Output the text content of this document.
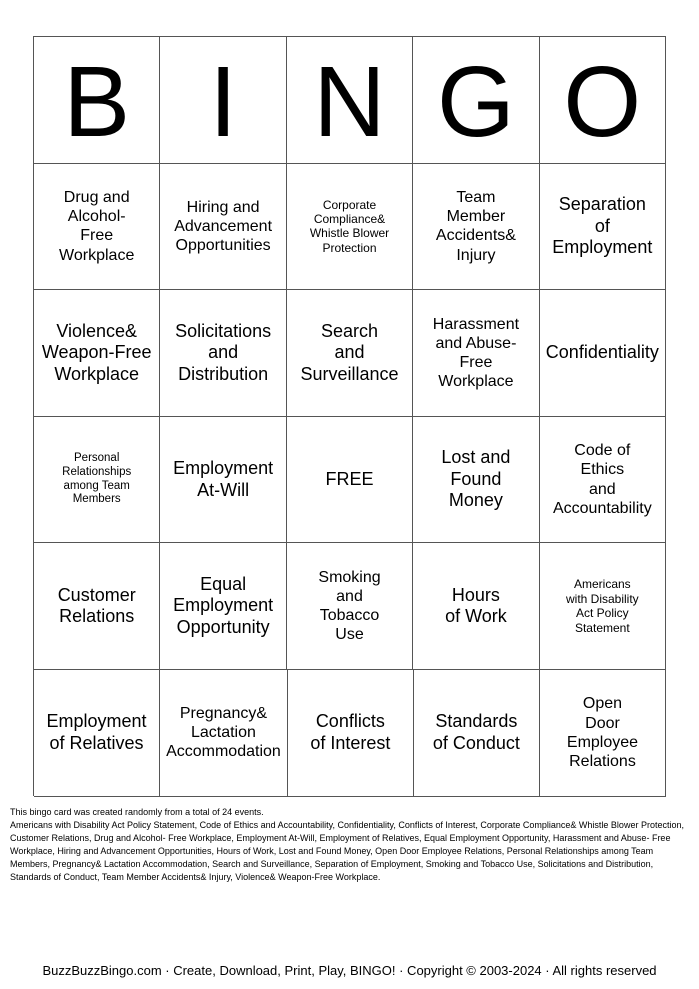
B I N G O
Drug and
Alcohol-
Free
Workplace
Hiring and
Advancement
Opportunities
Corporate
Compliance&
Whistle Blower
Protection
Team
Member
Accidents&
Injury
Separation
of
Employment
Violence&
Weapon-Free
Workplace
Solicitations
and
Distribution
Search
and
Surveillance
Harassment
and Abuse-
Free
Workplace
Confidentiality
Personal
Relationships
among Team
Members
Employment
At-Will
FREE
Lost and
Found
Money
Code of
Ethics
and
Accountability
Customer
Relations
Equal
Employment
Opportunity
Smoking
and
Tobacco
Use
Hours
of Work
Americans
with Disability
Act Policy
Statement
Employment
of Relatives
Pregnancy&
Lactation
Accommodation
Conflicts
of Interest
Standards
of Conduct
Open
Door
Employee
Relations
This bingo card was created randomly from a total of 24 events.
Americans with Disability Act Policy Statement, Code of Ethics and Accountability, Confidentiality, Conflicts of Interest, Corporate Compliance& Whistle Blower Protection, Customer Relations, Drug and Alcohol- Free Workplace, Employment At-Will, Employment of Relatives, Equal Employment Opportunity, Harassment and Abuse- Free Workplace, Hiring and Advancement Opportunities, Hours of Work, Lost and Found Money, Open Door Employee Relations, Personal Relationships among Team Members, Pregnancy& Lactation Accommodation, Search and Surveillance, Separation of Employment, Smoking and Tobacco Use, Solicitations and Distribution, Standards of Conduct, Team Member Accidents& Injury, Violence& Weapon-Free Workplace.
BuzzBuzzBingo.com · Create, Download, Print, Play, BINGO! · Copyright © 2003-2024 · All rights reserved
